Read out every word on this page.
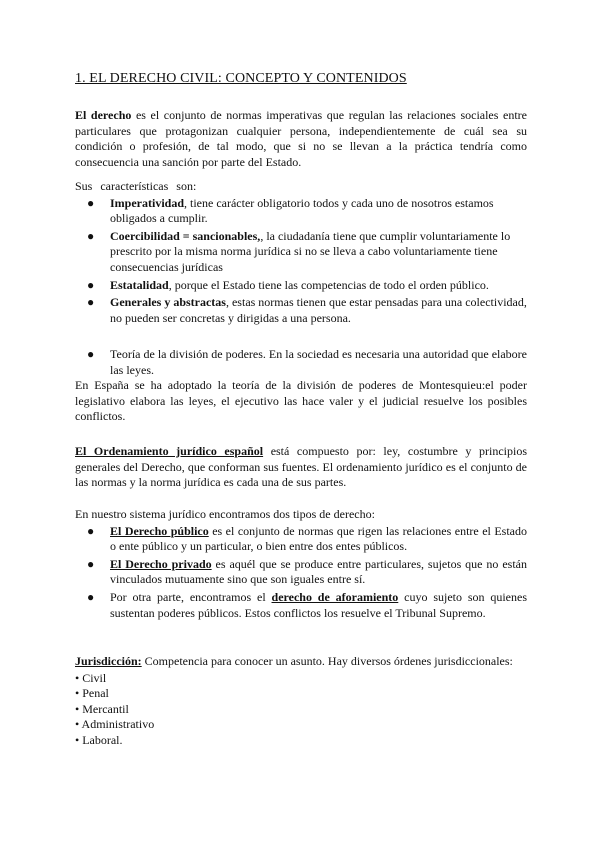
1. EL DERECHO CIVIL: CONCEPTO Y CONTENIDOS
El derecho es el conjunto de normas imperativas que regulan las relaciones sociales entre particulares que protagonizan cualquier persona, independientemente de cuál sea su condición o profesión, de tal modo, que si no se llevan a la práctica tendría como consecuencia una sanción por parte del Estado.
Sus características son:
● Imperatividad, tiene carácter obligatorio todos y cada uno de nosotros estamos obligados a cumplir.
● Coercibilidad = sancionables,, la ciudadanía tiene que cumplir voluntariamente lo prescrito por la misma norma jurídica si no se lleva a cabo voluntariamente tiene consecuencias jurídicas
● Estatalidad, porque el Estado tiene las competencias de todo el orden público.
● Generales y abstractas, estas normas tienen que estar pensadas para una colectividad, no pueden ser concretas y dirigidas a una persona.
● Teoría de la división de poderes. En la sociedad es necesaria una autoridad que elabore las leyes.
En España se ha adoptado la teoría de la división de poderes de Montesquieu:el poder legislativo elabora las leyes, el ejecutivo las hace valer y el judicial resuelve los posibles conflictos.
El Ordenamiento jurídico español está compuesto por: ley, costumbre y principios generales del Derecho, que conforman sus fuentes. El ordenamiento jurídico es el conjunto de las normas y la norma jurídica es cada una de sus partes.
En nuestro sistema jurídico encontramos dos tipos de derecho:
● El Derecho público es el conjunto de normas que rigen las relaciones entre el Estado o ente público y un particular, o bien entre dos entes públicos.
● El Derecho privado es aquél que se produce entre particulares, sujetos que no están vinculados mutuamente sino que son iguales entre sí.
● Por otra parte, encontramos el derecho de aforamiento cuyo sujeto son quienes sustentan poderes públicos. Estos conflictos los resuelve el Tribunal Supremo.
Jurisdicción: Competencia para conocer un asunto. Hay diversos órdenes jurisdiccionales:
• Civil
• Penal
• Mercantil
• Administrativo
• Laboral.
